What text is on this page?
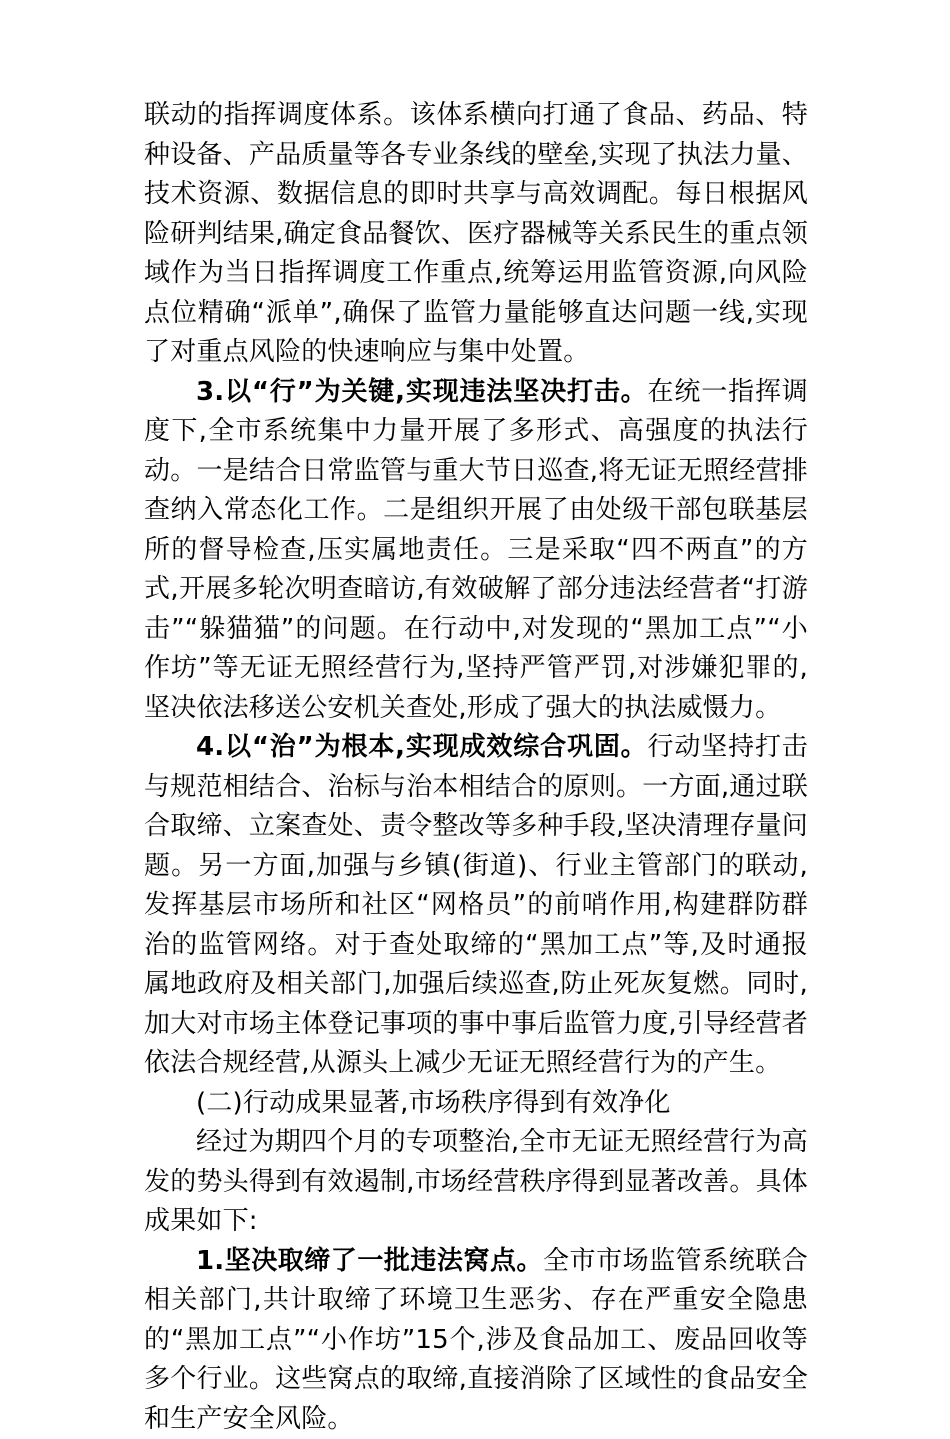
联动的指挥调度体系。该体系横向打通了食品、药品、特种设备、产品质量等各专业条线的壁垒,实现了执法力量、技术资源、数据信息的即时共享与高效调配。每日根据风险研判结果,确定食品餐饮、医疗器械等关系民生的重点领域作为当日指挥调度工作重点,统筹运用监管资源,向风险点位精确“派单”,确保了监管力量能够直达问题一线,实现了对重点风险的快速响应与集中处置。

3.以“行”为关键,实现违法坚决打击。在统一指挥调度下,全市系统集中力量开展了多形式、高强度的执法行动。一是结合日常监管与重大节日巡查,将无证无照经营排查纳入常态化工作。二是组织开展了由处级干部包联基层所的督导检查,压实属地责任。三是采取“四不两直”的方式,开展多轮次明查暗访,有效破解了部分违法经营者“打游击”“躲猫猫”的问题。在行动中,对发现的“黑加工点”“小作坊”等无证无照经营行为,坚持严管严罚,对涉嫌犯罪的,坚决依法移送公安机关查处,形成了强大的执法威慑力。

4.以“治”为根本,实现成效综合巩固。行动坚持打击与规范相结合、治标与治本相结合的原则。一方面,通过联合取缔、立案查处、责令整改等多种手段,坚决清理存量问题。另一方面,加强与乡镇(街道)、行业主管部门的联动,发挥基层市场所和社区“网格员”的前哨作用,构建群防群治的监管网络。对于查处取缔的“黑加工点”等,及时通报属地政府及相关部门,加强后续巡查,防止死灰复燃。同时,加大对市场主体登记事项的事中事后监管力度,引导经营者依法合规经营,从源头上减少无证无照经营行为的产生。

(二)行动成果显著,市场秩序得到有效净化

经过为期四个月的专项整治,全市无证无照经营行为高发的势头得到有效遏制,市场经营秩序得到显著改善。具体成果如下:

1.坚决取缔了一批违法窝点。全市市场监管系统联合相关部门,共计取缔了环境卫生恶劣、存在严重安全隐患的“黑加工点”“小作坊”15个,涉及食品加工、废品回收等多个行业。这些窝点的取缔,直接消除了区域性的食品安全和生产安全风险。
